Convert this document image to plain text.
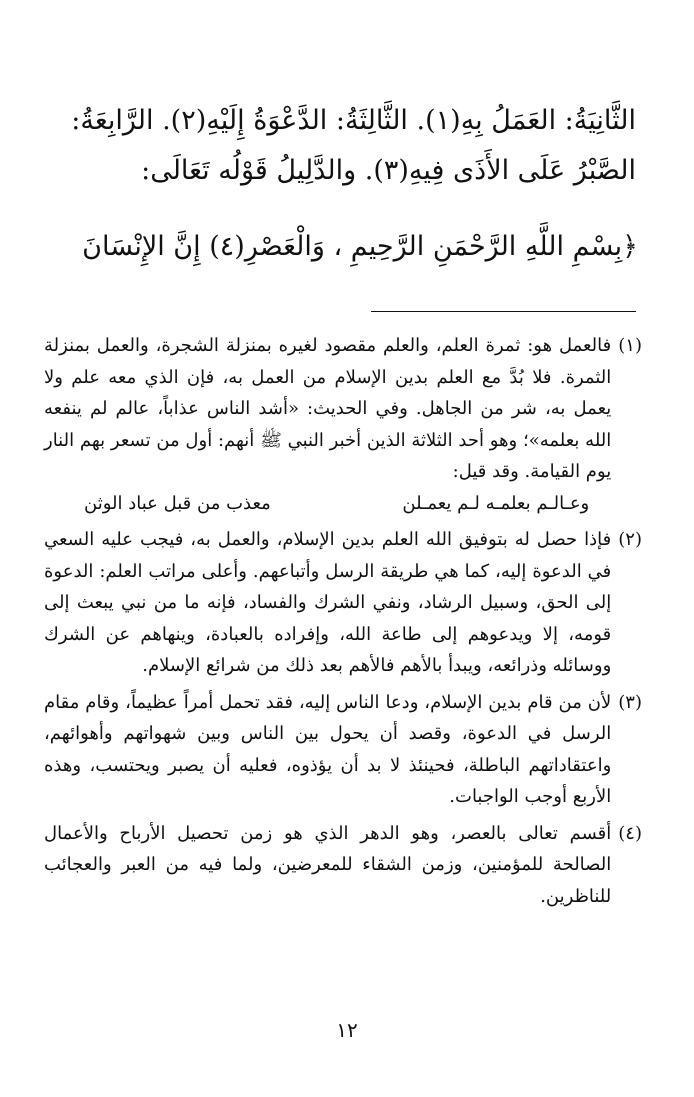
الثَّانِيَةُ: العَمَلُ بِهِ(١). الثَّالِثَةُ: الدَّعْوَةُ إِلَيْهِ(٢). الرَّابِعَةُ:

الصَّبْرُ عَلَى الأَذَى فِيهِ(٣). والدَّلِيلُ قَوْلُه تَعَالَى:

﴿بِسْمِ اللَّهِ الرَّحْمَنِ الرَّحِيمِ ، وَالْعَصْرِ(٤) إِنَّ الإِنْسَانَ
(١)

فالعمل هو: ثمرة العلم، والعلم مقصود لغيره بمنزلة الشجرة، والعمل بمنزلة الثمرة. فلا بُدَّ مع العلم بدين الإسلام من العمل به، فإن الذي معه علم ولا يعمل به، شر من الجاهل. وفي الحديث: «أشد الناس عذاباً، عالم لم ينفعه الله بعلمه»؛ وهو أحد الثلاثة الذين أخبر النبي ﷺ أنهم: أول من تسعر بهم النار يوم القيامة. وقد قيل:

وعـالـم بعلمـه لـم يعمـلن
معذب من قبل عباد الوثن
(٢)

فإذا حصل له بتوفيق الله العلم بدين الإسلام، والعمل به، فيجب عليه السعي في الدعوة إليه، كما هي طريقة الرسل وأتباعهم. وأعلى مراتب العلم: الدعوة إلى الحق، وسبيل الرشاد، ونفي الشرك والفساد، فإنه ما من نبي يبعث إلى قومه، إلا ويدعوهم إلى طاعة الله، وإفراده بالعبادة، وينهاهم عن الشرك ووسائله وذرائعه، ويبدأ بالأهم فالأهم بعد ذلك من شرائع الإسلام.

(٣)

لأن من قام بدين الإسلام، ودعا الناس إليه، فقد تحمل أمراً عظيماً، وقام مقام الرسل في الدعوة، وقصد أن يحول بين الناس وبين شهواتهم وأهوائهم، واعتقاداتهم الباطلة، فحينئذ لا بد أن يؤذوه، فعليه أن يصبر ويحتسب، وهذه الأربع أوجب الواجبات.

(٤)

أقسم تعالى بالعصر، وهو الدهر الذي هو زمن تحصيل الأرباح والأعمال الصالحة للمؤمنين، وزمن الشقاء للمعرضين، ولما فيه من العبر والعجائب للناظرين.

١٢
